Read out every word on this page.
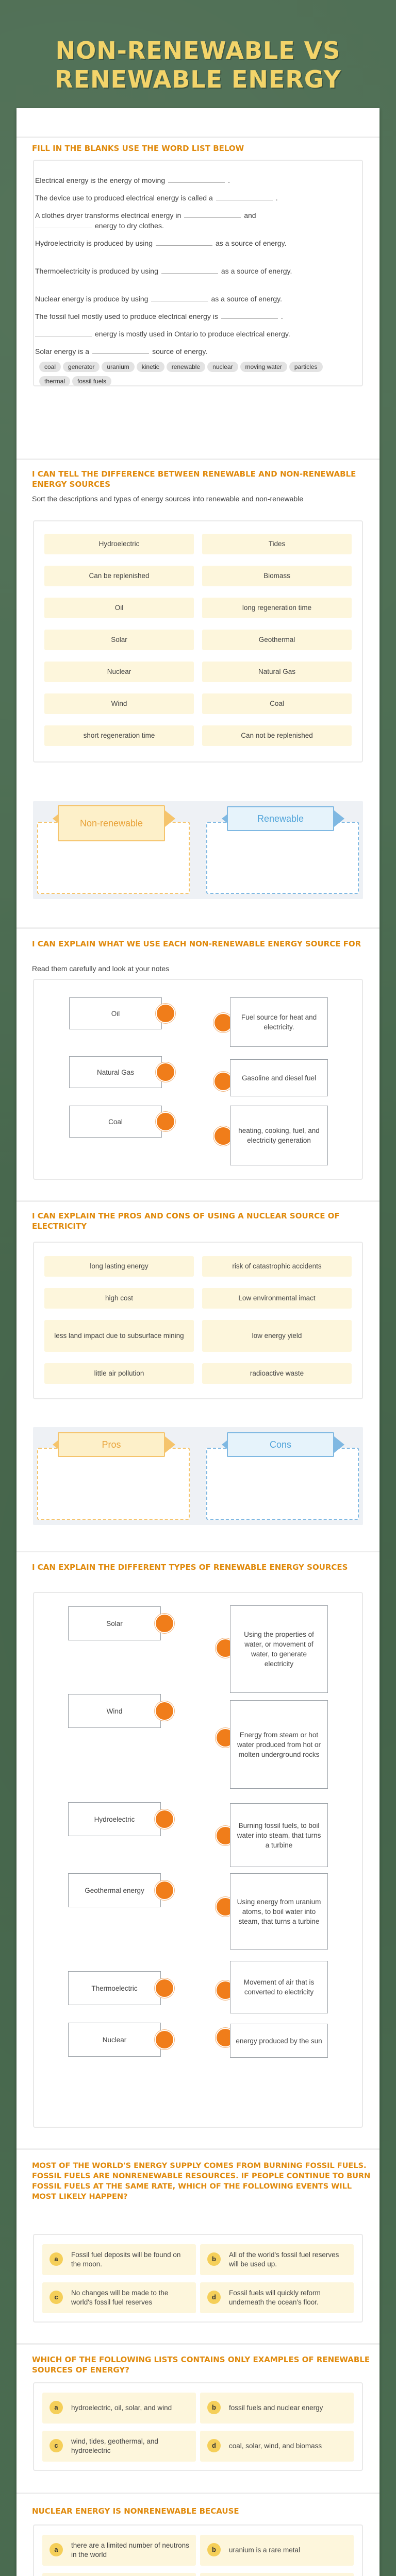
NON-RENEWABLE VS
RENEWABLE ENERGY
FILL IN THE BLANKS USE THE WORD LIST BELOW
Electrical energy is the energy of moving	.
The device use to produced electrical energy is called a	.
A clothes dryer transforms electrical energy in	and
energy to dry clothes.
Hydroelectricity is produced by using	as a source of energy.
Thermoelectricity is produced by using	as a source of energy.
Nuclear energy is produce by using	as a source of energy.
The fossil fuel mostly used to produce electrical energy is	.
energy is mostly used in Ontario to produce electrical energy.
Solar energy is a	source of energy.
coal generator uranium kinetic renewable nuclear moving water particlesthermal fossil fuels
I CAN TELL THE DIFFERENCE BETWEEN RENEWABLE AND NON-RENEWABLE ENERGY SOURCES
Sort the descriptions and types of energy sources into renewable and non-renewable
Hydroelectric	Tides
Can be replenished	Biomass
Oil	long regeneration time
Solar	Geothermal
Nuclear	Natural Gas
Wind	Coal
short regeneration time	Can not be replenished
Non-renewable	Renewable
I CAN EXPLAIN WHAT WE USE EACH NON-RENEWABLE ENERGY SOURCE FOR
Read them carefully and look at your notes
Oil	Fuel source for heat and electricity.
Natural Gas
Gasoline and diesel fuel
Coal
heating, cooking, fuel, and electricity generation
I CAN EXPLAIN THE PROS AND CONS OF USING A NUCLEAR SOURCE OF ELECTRICITY
long lasting energy	risk of catastrophic accidents
high cost	Low environmental imact
less land impact due to subsurface mining	low energy yield
little air pollution	radioactive waste
Pros	Cons
I CAN EXPLAIN THE DIFFERENT TYPES OF RENEWABLE ENERGY SOURCES
Solar
Using the properties of water, or movement of water, to generate electricity
Wind
Energy from steam or hot water produced from hot or molten underground rocks
Hydroelectric
Burning fossil fuels, to boil water into steam, that turns a turbine
Geothermal energy
Using energy from uranium atoms, to boil water into steam, that turns a turbine
Thermoelectric
Movement of air that is converted to electricity
Nuclear	energy produced by the sun
MOST OF THE WORLD'S ENERGY SUPPLY COMES FROM BURNING FOSSIL FUELS. FOSSIL FUELS ARE NONRENEWABLE RESOURCES. IF PEOPLE CONTINUE TO BURN FOSSIL FUELS AT THE SAME RATE, WHICH OF THE FOLLOWING EVENTS WILL MOST LIKELY HAPPEN?
a
Fossil fuel deposits will be found on the moon.
b
All of the world's fossil fuel reserves will be used up.
c
No changes will be made to the world's fossil fuel reserves
d
Fossil fuels will quickly reform underneath the ocean's floor.
WHICH OF THE FOLLOWING LISTS CONTAINS ONLY EXAMPLES OF RENEWABLE SOURCES OF ENERGY?
a	hydroelectric, oil, solar, and wind	b	fossil fuels and nuclear energy
c
wind, tides, geothermal, and hydroelectric
d	coal, solar, wind, and biomass
NUCLEAR ENERGY IS NONRENEWABLE BECAUSE
a
there are a limited number of neutrons in the world
b	uranium is a rare metal
